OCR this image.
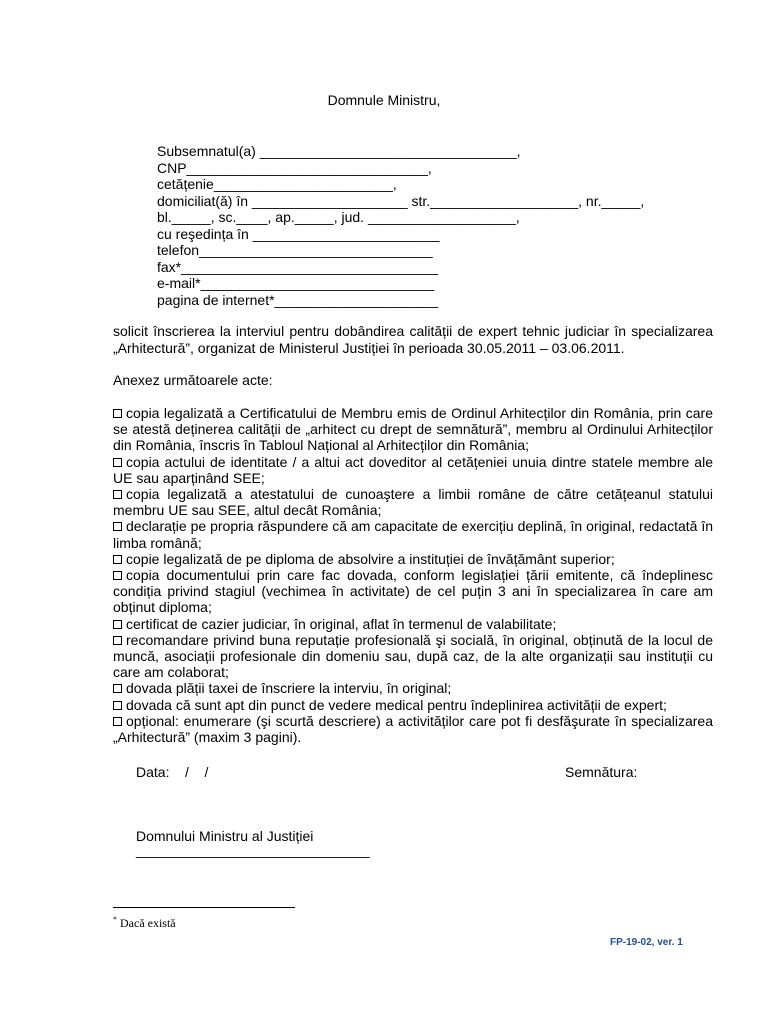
Domnule Ministru,
Subsemnatul(a) _________________________________,
CNP_______________________________,
cetățenie_______________________,
domiciliat(ă) în ____________________ str.___________________, nr._____,
bl._____, sc.____, ap._____, jud. ___________________,
cu reşedința în ________________________
telefon______________________________
fax*_________________________________
e-mail*______________________________
pagina de internet*_____________________
solicit înscrierea la interviul pentru dobândirea calității de expert tehnic judiciar în specializarea „Arhitectură”, organizat de Ministerul Justiției în perioada 30.05.2011 – 03.06.2011.
Anexez următoarele acte:

copia legalizată a Certificatului de Membru emis de Ordinul Arhitecților din România, prin care se atestă deținerea calității de „arhitect cu drept de semnătură”, membru al Ordinului Arhitecților din România, înscris în Tabloul Național al Arhitecților din România;

copia actului de identitate / a altui act doveditor al cetățeniei unuia dintre statele membre ale UE sau aparținând SEE;

copia legalizată a atestatului de cunoaştere a limbii române de către cetățeanul statului membru UE sau SEE, altul decât România;

declarație pe propria răspundere că am capacitate de exercițiu deplină, în original, redactată în limba română;

copie legalizată de pe diploma de absolvire a instituției de învățământ superior;

copia documentului prin care fac dovada, conform legislației țării emitente, că îndeplinesc condiția privind stagiul (vechimea în activitate) de cel puțin 3 ani în specializarea în care am obținut diploma;

certificat de cazier judiciar, în original, aflat în termenul de valabilitate;

recomandare privind buna reputație profesională şi socială, în original, obținută de la locul de muncă, asociații profesionale din domeniu sau, după caz, de la alte organizații sau instituții cu care am colaborat;

dovada plății taxei de înscriere la interviu, în original;

dovada că sunt apt din punct de vedere medical pentru îndeplinirea activității de expert;

opțional: enumerare (şi scurtă descriere) a activităților care pot fi desfăşurate în specializarea „Arhitectură” (maxim 3 pagini).

Data:    /    /	Semnătura:
Domnului Ministru al Justiției
______________________________
* Dacă există
FP-19-02, ver. 1
